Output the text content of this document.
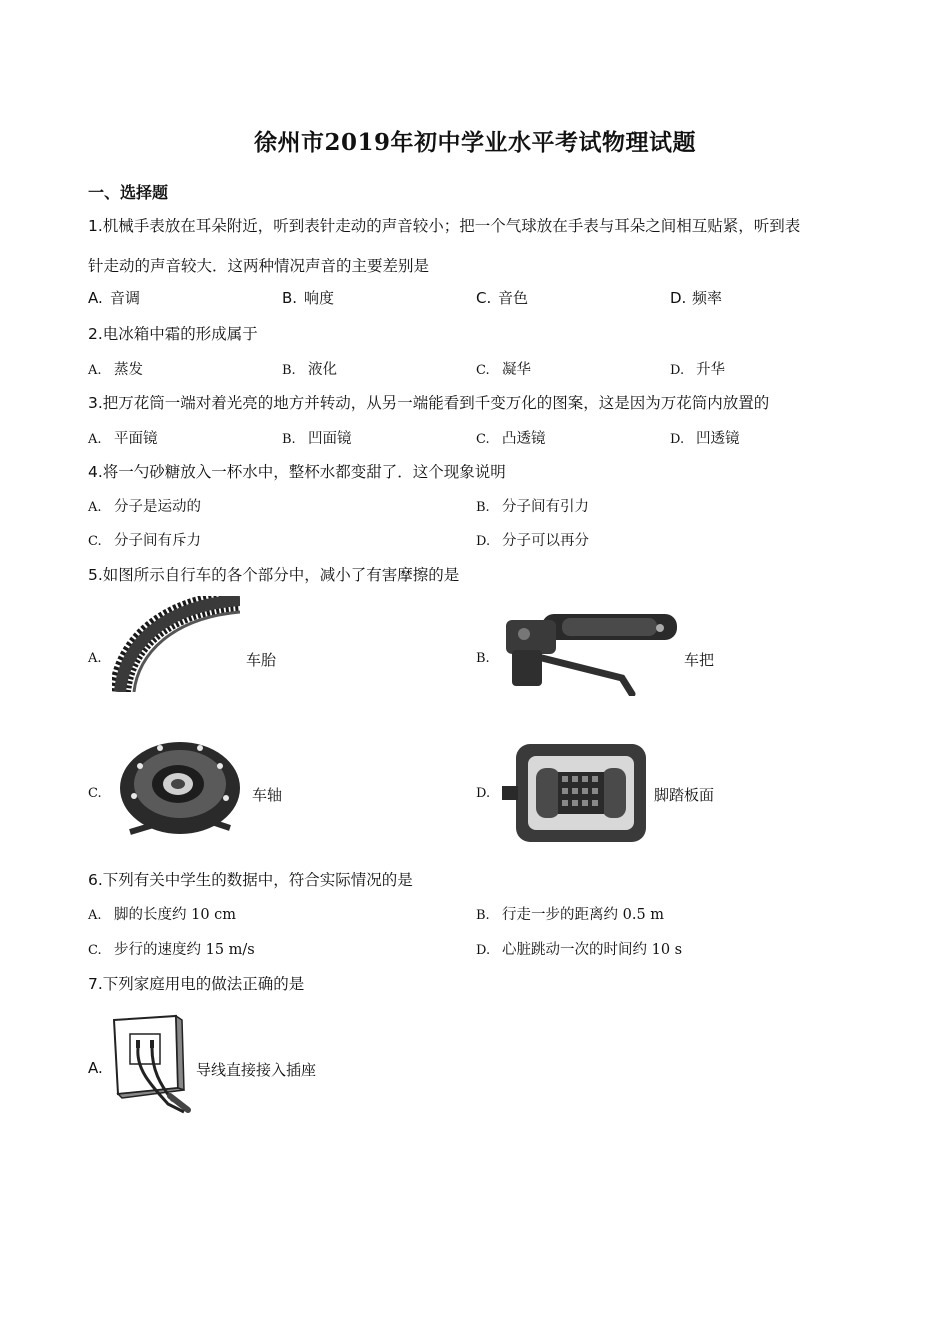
徐州市2019年初中学业水平考试物理试题
一、选择题
1.机械手表放在耳朵附近，听到表针走动的声音较小；把一个气球放在手表与耳朵之间相互贴紧，听到表
针走动的声音较大．这两种情况声音的主要差别是
A. 音调	B. 响度	C. 音色	D. 频率
2.电冰箱中霜的形成属于
A. 蒸发	B. 液化	C. 凝华	D. 升华
3.把万花筒一端对着光亮的地方并转动，从另一端能看到千变万化的图案，这是因为万花筒内放置的
A. 平面镜	B. 凹面镜	C. 凸透镜	D. 凹透镜
4.将一勺砂糖放入一杯水中，整杯水都变甜了．这个现象说明
A. 分子是运动的	B. 分子间有引力
C. 分子间有斥力	D. 分子可以再分
5.如图所示自行车的各个部分中，减小了有害摩擦的是
A.	车胎	B.	车把
C.	车轴	D.	脚踏板面
6.下列有关中学生的数据中，符合实际情况的是
A. 脚的长度约 10 cm	B. 行走一步的距离约 0.5 m
C. 步行的速度约 15 m/s	D. 心脏跳动一次的时间约 10 s
7.下列家庭用电的做法正确的是
A.	导线直接接入插座
